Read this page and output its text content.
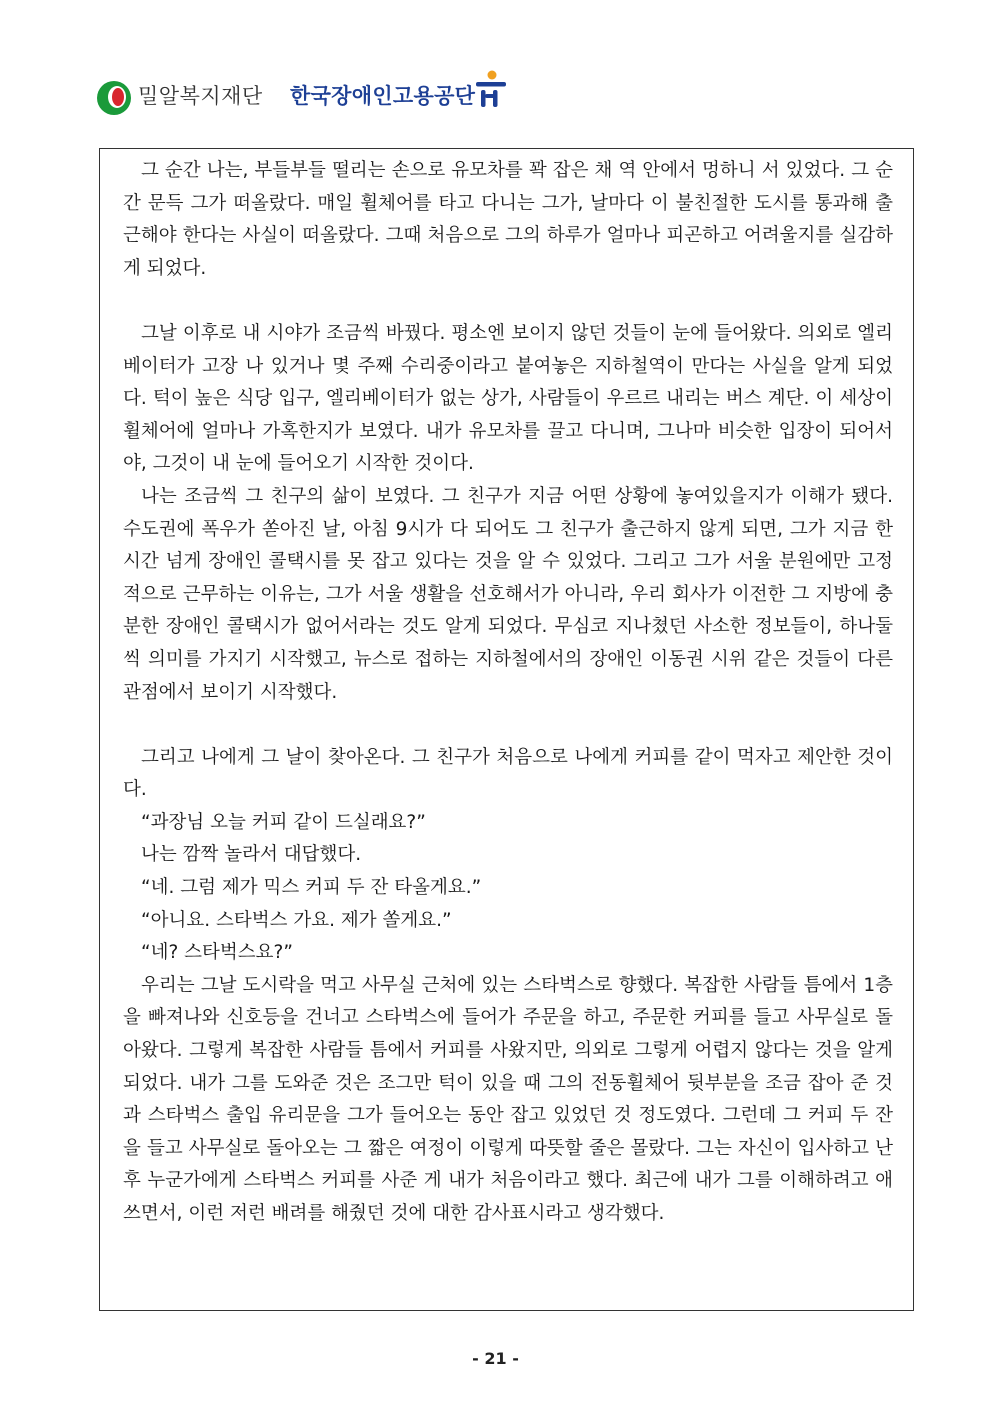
밀알복지재단 한국장애인고용공단

그 순간 나는, 부들부들 떨리는 손으로 유모차를 꽉 잡은 채 역 안에서 멍하니 서 있었다. 그 순간 문득 그가 떠올랐다. 매일 휠체어를 타고 다니는 그가, 날마다 이 불친절한 도시를 통과해 출근해야 한다는 사실이 떠올랐다. 그때 처음으로 그의 하루가 얼마나 피곤하고 어려울지를 실감하게 되었다.

그날 이후로 내 시야가 조금씩 바꿨다. 평소엔 보이지 않던 것들이 눈에 들어왔다. 의외로 엘리베이터가 고장 나 있거나 몇 주째 수리중이라고 붙여놓은 지하철역이 만다는 사실을 알게 되었다. 턱이 높은 식당 입구, 엘리베이터가 없는 상가, 사람들이 우르르 내리는 버스 계단. 이 세상이 휠체어에 얼마나 가혹한지가 보였다. 내가 유모차를 끌고 다니며, 그나마 비슷한 입장이 되어서야, 그것이 내 눈에 들어오기 시작한 것이다.

나는 조금씩 그 친구의 삶이 보였다. 그 친구가 지금 어떤 상황에 놓여있을지가 이해가 됐다. 수도권에 폭우가 쏟아진 날, 아침 9시가 다 되어도 그 친구가 출근하지 않게 되면, 그가 지금 한 시간 넘게 장애인 콜택시를 못 잡고 있다는 것을 알 수 있었다. 그리고 그가 서울 분원에만 고정적으로 근무하는 이유는, 그가 서울 생활을 선호해서가 아니라, 우리 회사가 이전한 그 지방에 충분한 장애인 콜택시가 없어서라는 것도 알게 되었다. 무심코 지나쳤던 사소한 정보들이, 하나둘씩 의미를 가지기 시작했고, 뉴스로 접하는 지하철에서의 장애인 이동권 시위 같은 것들이 다른 관점에서 보이기 시작했다.

그리고 나에게 그 날이 찾아온다. 그 친구가 처음으로 나에게 커피를 같이 먹자고 제안한 것이다.

“과장님 오늘 커피 같이 드실래요?”

나는 깜짝 놀라서 대답했다.

“네. 그럼 제가 믹스 커피 두 잔 타올게요.”

“아니요. 스타벅스 가요. 제가 쏠게요.”

“네? 스타벅스요?”

우리는 그날 도시락을 먹고 사무실 근처에 있는 스타벅스로 향했다. 복잡한 사람들 틈에서 1층을 빠져나와 신호등을 건너고 스타벅스에 들어가 주문을 하고, 주문한 커피를 들고 사무실로 돌아왔다. 그렇게 복잡한 사람들 틈에서 커피를 사왔지만, 의외로 그렇게 어렵지 않다는 것을 알게 되었다. 내가 그를 도와준 것은 조그만 턱이 있을 때 그의 전동휠체어 뒷부분을 조금 잡아 준 것과 스타벅스 출입 유리문을 그가 들어오는 동안 잡고 있었던 것 정도였다. 그런데 그 커피 두 잔을 들고 사무실로 돌아오는 그 짧은 여정이 이렇게 따뜻할 줄은 몰랐다. 그는 자신이 입사하고 난 후 누군가에게 스타벅스 커피를 사준 게 내가 처음이라고 했다. 최근에 내가 그를 이해하려고 애쓰면서, 이런 저런 배려를 해줬던 것에 대한 감사표시라고 생각했다.

- 21 -
